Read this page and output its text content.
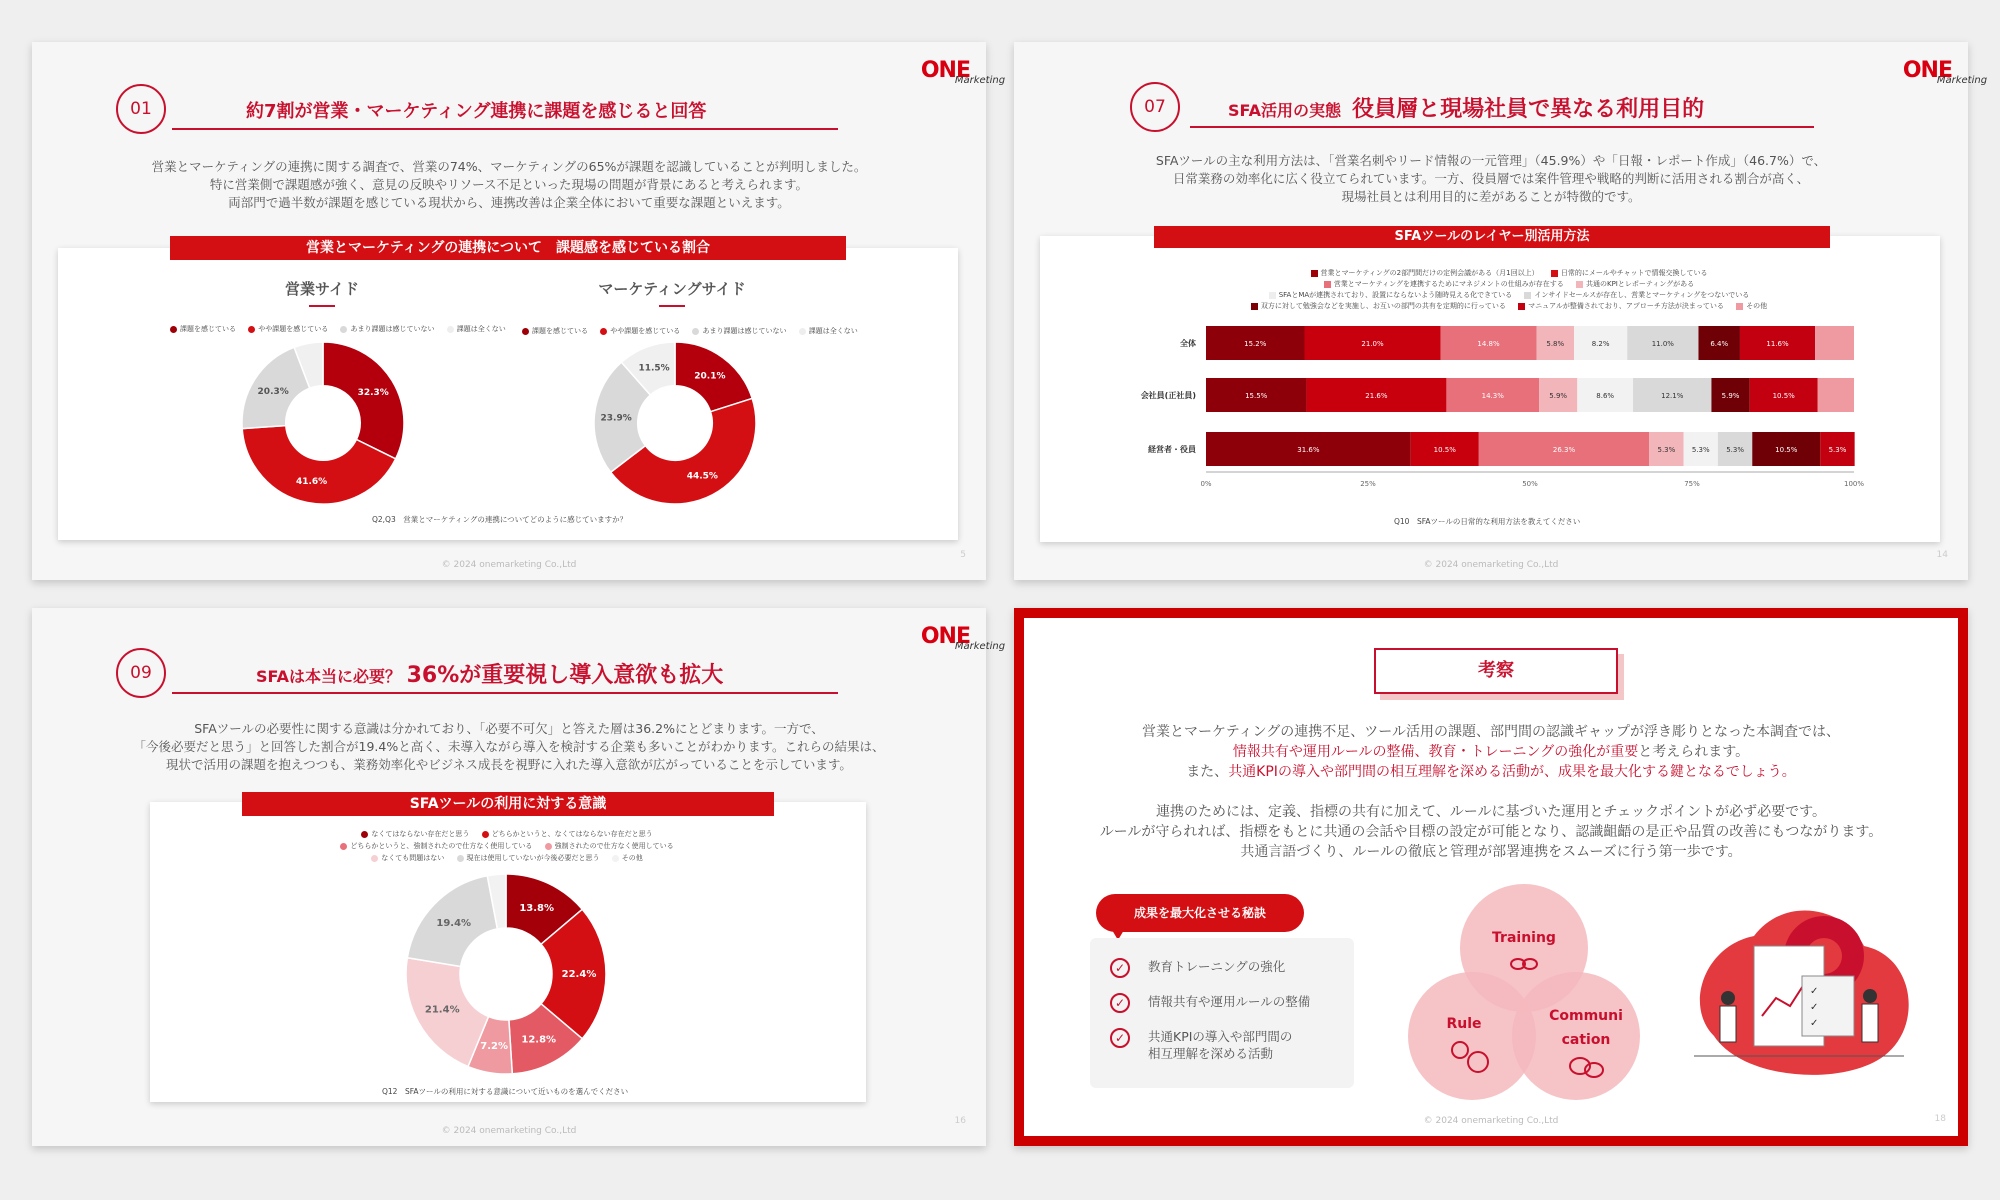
ONE
Marketing
01	約7割が営業・マーケティング連携に課題を感じると回答
営業とマーケティングの連携に関する調査で、営業の74%、マーケティングの65%が課題を認識していることが判明しました。
特に営業側で課題感が強く、意見の反映やリソース不足といった現場の問題が背景にあると考えられます。
両部門で過半数が課題を感じている現状から、連携改善は企業全体において重要な課題といえます。
営業とマーケティングの連携について　課題感を感じている割合
営業サイド	マーケティングサイド
課題を感じている	やや課題を感じている	あまり課題は感じていない	課題は全くない	課題を感じている	やや課題を感じている	あまり課題は感じていない	課題は全くない
32.3%
41.6%
20.3%
20.1%
44.5%
23.9%
11.5%
Q2,Q3　営業とマーケティングの連携についてどのように感じていますか？
© 2024 onemarketing Co.,Ltd
5
ONE
Marketing
07	SFA活用の実態 役員層と現場社員で異なる利用目的
SFAツールの主な利用方法は、「営業名刺やリード情報の一元管理」（45.9%）や「日報・レポート作成」（46.7%）で、
日常業務の効率化に広く役立てられています。一方、役員層では案件管理や戦略的判断に活用される割合が高く、
現場社員とは利用目的に差があることが特徴的です。
SFAツールのレイヤー別活用方法
営業とマーケティングの2部門間だけの定例会議がある（月1回以上）	日常的にメールやチャットで情報交換している
営業とマーケティングを連携するためにマネジメントの仕組みが存在する	共通のKPIとレポーティングがある
SFAとMAが連携されており、設置にならないよう随時見える化できている	インサイドセールスが存在し、営業とマーケティングをつないでいる
双方に対して勉強会などを実施し、お互いの部門の共有を定期的に行っている	マニュアルが整備されており、アプローチ方法が決まっている	その他
全体	15.2%	21.0%	14.8%	5.8%	8.2%	11.0%	6.4%	11.6%
会社員(正社員)	15.5%	21.6%	14.3%	5.9%	8.6%	12.1%	5.9%	10.5%
経営者・役員	31.6%	10.5%	26.3%	5.3% 5.3% 5.3%	10.5%	5.3%
0%	25%	50%	75%	100%
Q10　SFAツールの日常的な利用方法を教えてください
© 2024 onemarketing Co.,Ltd
14
ONE
Marketing
09	SFAは本当に必要？ 36%が重要視し導入意欲も拡大
SFAツールの必要性に関する意識は分かれており、「必要不可欠」と答えた層は36.2%にとどまります。一方で、
「今後必要だと思う」と回答した割合が19.4%と高く、未導入ながら導入を検討する企業も多いことがわかります。これらの結果は、
現状で活用の課題を抱えつつも、業務効率化やビジネス成長を視野に入れた導入意欲が広がっていることを示しています。
SFAツールの利用に対する意識
なくてはならない存在だと思う	どちらかというと、なくてはならない存在だと思う
どちらかというと、強制されたので仕方なく使用している	強制されたので仕方なく使用している
なくても問題はない	現在は使用していないが今後必要だと思う	その他
13.8%
22.4%
12.8%
7.2%
21.4%
19.4%
Q12　SFAツールの利用に対する意識について近いものを選んでください
© 2024 onemarketing Co.,Ltd
16
考察
営業とマーケティングの連携不足、ツール活用の課題、部門間の認識ギャップが浮き彫りとなった本調査では、
情報共有や運用ルールの整備、教育・トレーニングの強化が重要と考えられます。
また、共通KPIの導入や部門間の相互理解を深める活動が、成果を最大化する鍵となるでしょう。
連携のためには、定義、指標の共有に加えて、ルールに基づいた運用とチェックポイントが必ず必要です。
ルールが守られれば、指標をもとに共通の会話や目標の設定が可能となり、認識齟齬の是正や品質の改善にもつながります。
共通言語づくり、ルールの徹底と管理が部署連携をスムーズに行う第一歩です。
成果を最大化させる秘訣
✓	教育トレーニングの強化
✓	情報共有や運用ルールの整備
✓	共通KPIの導入や部門間の
相互理解を深める活動
Training
Rule	Communi
cation
✓
✓
✓
© 2024 onemarketing Co.,Ltd	18
